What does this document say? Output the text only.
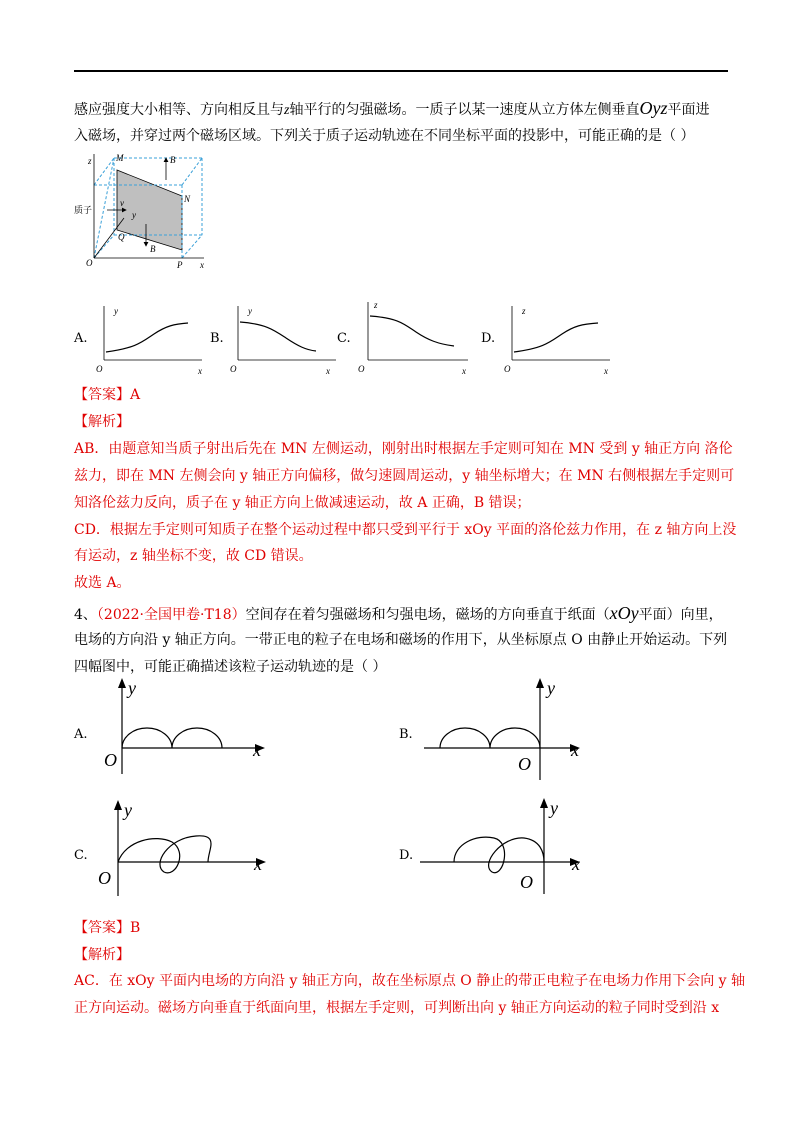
感应强度大小相等、方向相反且与z轴平行的匀强磁场。一质子以某一速度从立方体左侧垂直Oyz平面进
入磁场，并穿过两个磁场区域。下列关于质子运动轨迹在不同坐标平面的投影中，可能正确的是（ ）
z	M	B
N
质子
v
y
Q
B
O	P x
A.
y
O	x
B.
y
O	x
C.
z
O	x
D.
z
O	x
【答案】A
【解析】
AB．由题意知当质子射出后先在 MN 左侧运动，刚射出时根据左手定则可知在 MN 受到 y 轴正方向 洛伦
兹力，即在 MN 左侧会向 y 轴正方向偏移，做匀速圆周运动，y 轴坐标增大；在 MN 右侧根据左手定则可
知洛伦兹力反向，质子在 y 轴正方向上做减速运动，故 A 正确，B 错误；
CD．根据左手定则可知质子在整个运动过程中都只受到平行于 xOy 平面的洛伦兹力作用，在 z 轴方向上没
有运动，z 轴坐标不变，故 CD 错误。
故选 A。
4、（2022·全国甲卷·T18）空间存在着匀强磁场和匀强电场，磁场的方向垂直于纸面（xOy平面）向里，
电场的方向沿 y 轴正方向。一带正电的粒子在电场和磁场的作用下，从坐标原点 O 由静止开始运动。下列
四幅图中，可能正确描述该粒子运动轨迹的是（ ）
A.
y
O	x
B.
y
O
x
C.
y
O
x	D.
y
O
x
【答案】B
【解析】
AC．在 xOy 平面内电场的方向沿 y 轴正方向，故在坐标原点 O 静止的带正电粒子在电场力作用下会向 y 轴
正方向运动。磁场方向垂直于纸面向里，根据左手定则，可判断出向 y 轴正方向运动的粒子同时受到沿 x
